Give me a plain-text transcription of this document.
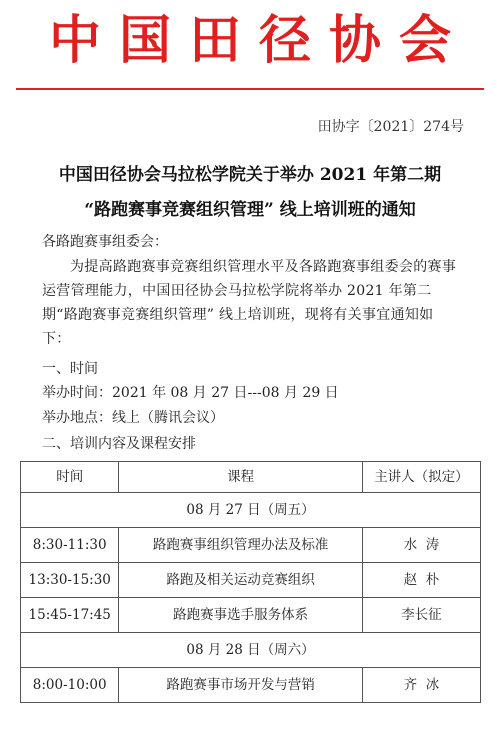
中国田径协会
田协字〔2021〕274号
中国田径协会马拉松学院关于举办 2021 年第二期
“路跑赛事竞赛组织管理” 线上培训班的通知
各路跑赛事组委会：
为提高路跑赛事竞赛组织管理水平及各路跑赛事组委会的赛事运营管理能力，中国田径协会马拉松学院将举办 2021 年第二期“路跑赛事竞赛组织管理” 线上培训班，现将有关事宜通知如下：
一、时间
举办时间：2021 年 08 月 27 日---08 月 29 日
举办地点：线上（腾讯会议）
二、培训内容及课程安排
时间	课程	主讲人（拟定）
08 月 27 日（周五）		
8:30-11:30	路跑赛事组织管理办法及标准	水  涛
13:30-15:30	路跑及相关运动竞赛组织	赵  朴
15:45-17:45	路跑赛事选手服务体系	李长征
08 月 28 日（周六）		
8:00-10:00	路跑赛事市场开发与营销	齐  冰
